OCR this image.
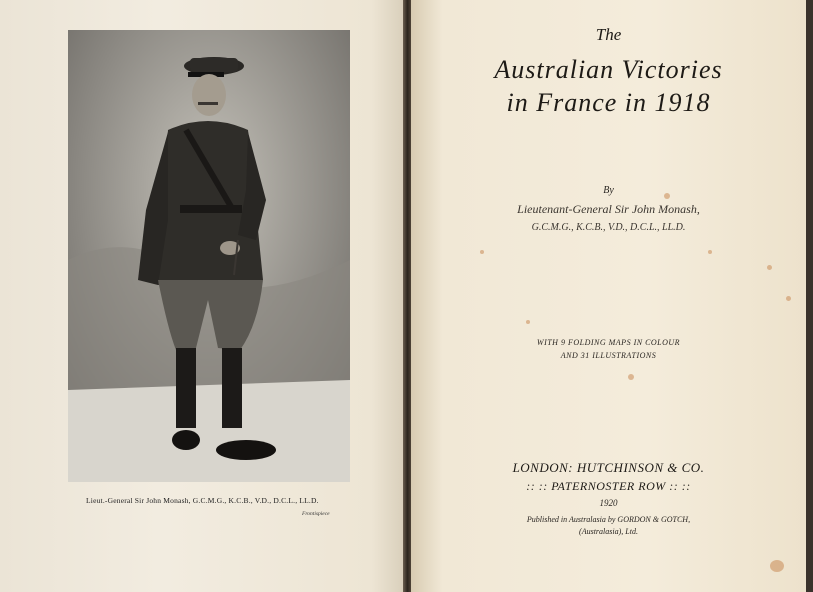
Lieut.-General Sir John Monash, G.C.M.G., K.C.B., V.D., D.C.L., LL.D.
Frontispiece
The
Australian Victories
in France in 1918
By
Lieutenant-General Sir John Monash,
G.C.M.G., K.C.B., V.D., D.C.L., LL.D.
WITH 9 FOLDING MAPS IN COLOUR
AND 31 ILLUSTRATIONS
LONDON: HUTCHINSON & CO.
:: :: PATERNOSTER ROW :: ::
1920
Published in Australasia by GORDON & GOTCH,
(Australasia), Ltd.
